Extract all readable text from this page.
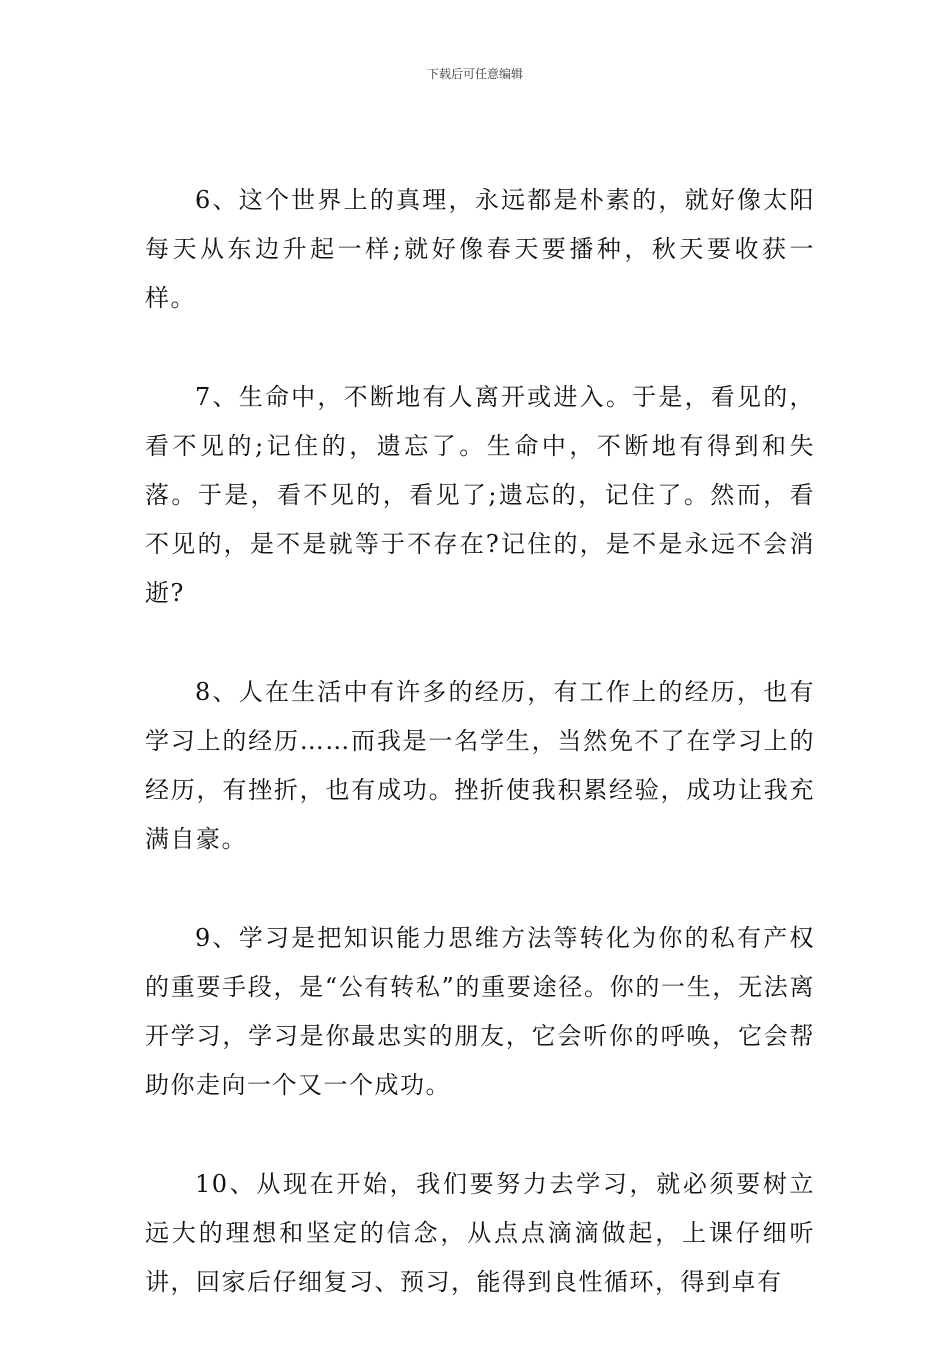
下载后可任意编辑

6、这个世界上的真理，永远都是朴素的，就好像太阳每天从东边升起一样;就好像春天要播种，秋天要收获一样。

7、生命中，不断地有人离开或进入。于是，看见的，看不见的;记住的，遗忘了。生命中，不断地有得到和失落。于是，看不见的，看见了;遗忘的，记住了。然而，看不见的，是不是就等于不存在?记住的，是不是永远不会消逝?

8、人在生活中有许多的经历，有工作上的经历，也有学习上的经历……而我是一名学生，当然免不了在学习上的经历，有挫折，也有成功。挫折使我积累经验，成功让我充满自豪。

9、学习是把知识能力思维方法等转化为你的私有产权的重要手段，是“公有转私”的重要途径。你的一生，无法离开学习，学习是你最忠实的朋友，它会听你的呼唤，它会帮助你走向一个又一个成功。

10、从现在开始，我们要努力去学习，就必须要树立远大的理想和坚定的信念，从点点滴滴做起，上课仔细听讲，回家后仔细复习、预习，能得到良性循环，得到卓有
